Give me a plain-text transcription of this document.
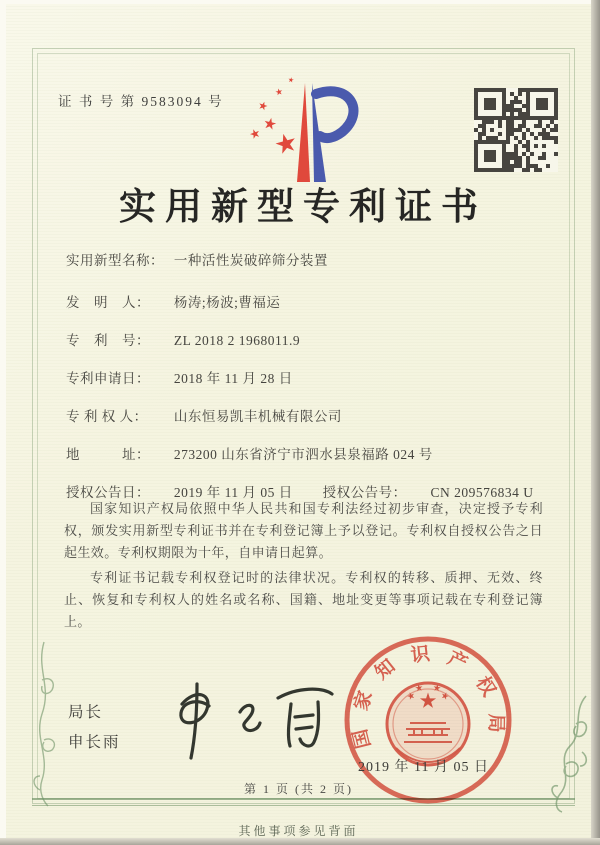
证 书 号 第 9583094 号
实用新型专利证书
实用新型名称： 一种活性炭破碎筛分装置
发　明　人： 杨涛;杨波;曹福运
专　利　号： ZL 2018 2 1968011.9
专利申请日： 2018 年 11 月 28 日
专 利 权 人： 山东恒易凯丰机械有限公司
地　　　址： 273200 山东省济宁市泗水县泉福路 024 号
授权公告日： 2019 年 11 月 05 日 授权公告号： CN 209576834 U

国家知识产权局依照中华人民共和国专利法经过初步审查，决定授予专利权，颁发实用新型专利证书并在专利登记簿上予以登记。专利权自授权公告之日起生效。专利权期限为十年，自申请日起算。

专利证书记载专利权登记时的法律状况。专利权的转移、质押、无效、终止、恢复和专利权人的姓名或名称、国籍、地址变更等事项记载在专利登记簿上。

局长
申长雨	国家知识产权局
2019 年 11 月 05 日
第 1 页 (共 2 页)
其他事项参见背面
